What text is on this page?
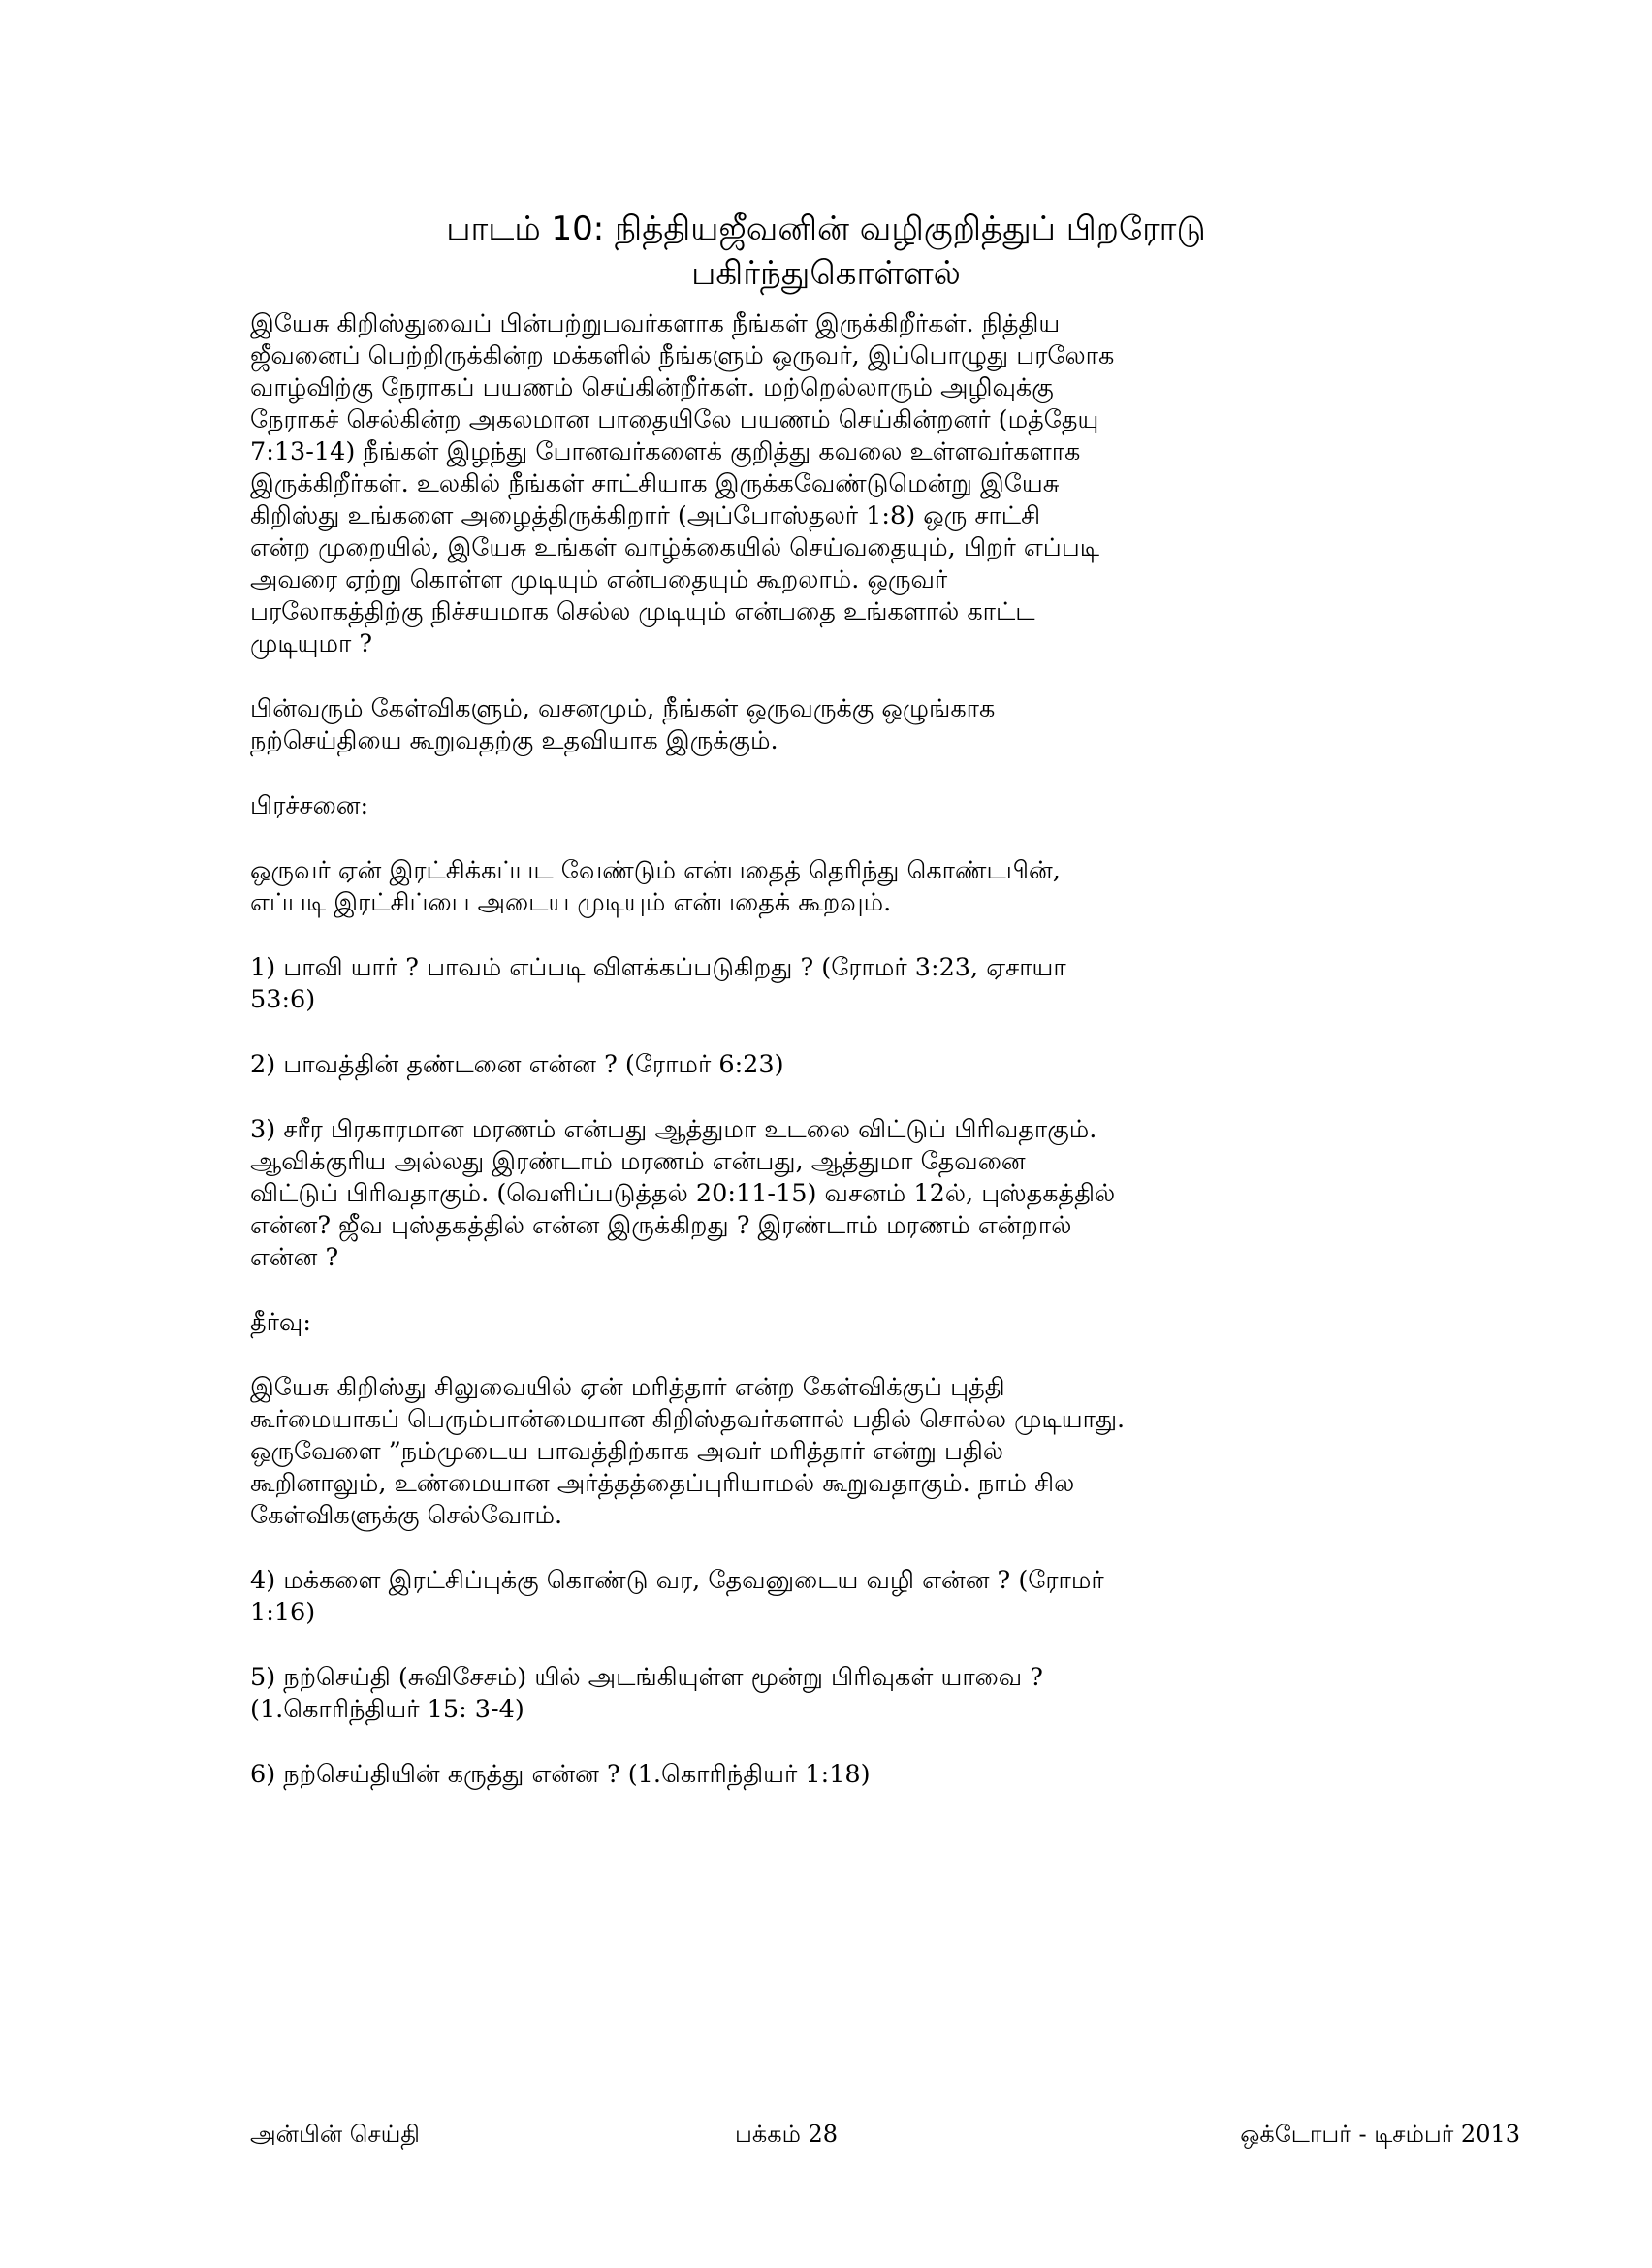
பாடம் 10: நித்தியஜீவனின் வழிகுறித்துப் பிறரோடு
பகிர்ந்துகொள்ளல்

இயேசு கிறிஸ்துவைப் பின்பற்றுபவர்களாக நீங்கள் இருக்கிறீர்கள். நித்திய
ஜீவனைப் பெற்றிருக்கின்ற மக்களில் நீங்களும் ஒருவர், இப்பொழுது பரலோக
வாழ்விற்கு நேராகப் பயணம் செய்கின்றீர்கள். மற்றெல்லாரும் அழிவுக்கு
நேராகச் செல்கின்ற அகலமான பாதையிலே பயணம் செய்கின்றனர் (மத்தேயு
7:13-14) நீங்கள் இழந்து போனவர்களைக் குறித்து கவலை உள்ளவர்களாக
இருக்கிறீர்கள். உலகில் நீங்கள் சாட்சியாக இருக்கவேண்டுமென்று இயேசு
கிறிஸ்து உங்களை அழைத்திருக்கிறார் (அப்போஸ்தலர் 1:8) ஒரு சாட்சி
என்ற முறையில், இயேசு உங்கள் வாழ்க்கையில் செய்வதையும், பிறர் எப்படி
அவரை ஏற்று கொள்ள முடியும் என்பதையும் கூறலாம். ஒருவர்
பரலோகத்திற்கு நிச்சயமாக செல்ல முடியும் என்பதை உங்களால் காட்ட
முடியுமா ?

பின்வரும் கேள்விகளும், வசனமும், நீங்கள் ஒருவருக்கு ஒழுங்காக
நற்செய்தியை கூறுவதற்கு உதவியாக இருக்கும்.

பிரச்சனை:

ஒருவர் ஏன் இரட்சிக்கப்பட வேண்டும் என்பதைத் தெரிந்து கொண்டபின்,
எப்படி இரட்சிப்பை அடைய முடியும் என்பதைக் கூறவும்.

1) பாவி யார் ? பாவம் எப்படி விளக்கப்படுகிறது ? (ரோமர் 3:23, ஏசாயா
53:6)

2) பாவத்தின் தண்டனை என்ன ? (ரோமர் 6:23)

3) சரீர பிரகாரமான மரணம் என்பது ஆத்துமா உடலை விட்டுப் பிரிவதாகும்.
ஆவிக்குரிய அல்லது இரண்டாம் மரணம் என்பது, ஆத்துமா தேவனை
விட்டுப் பிரிவதாகும். (வெளிப்படுத்தல் 20:11-15) வசனம் 12ல், புஸ்தகத்தில்
என்ன? ஜீவ புஸ்தகத்தில் என்ன இருக்கிறது ? இரண்டாம் மரணம் என்றால்
என்ன ?

தீர்வு:

இயேசு கிறிஸ்து சிலுவையில் ஏன் மரித்தார் என்ற கேள்விக்குப் புத்தி
கூர்மையாகப் பெரும்பான்மையான கிறிஸ்தவர்களால் பதில் சொல்ல முடியாது.
ஒருவேளை ”நம்முடைய பாவத்திற்காக அவர் மரித்தார் என்று பதில்
கூறினாலும், உண்மையான அர்த்தத்தைப்புரியாமல் கூறுவதாகும். நாம் சில
கேள்விகளுக்கு செல்வோம்.

4) மக்களை இரட்சிப்புக்கு கொண்டு வர, தேவனுடைய வழி என்ன ? (ரோமர்
1:16)

5) நற்செய்தி (சுவிசேசம்) யில் அடங்கியுள்ள மூன்று பிரிவுகள் யாவை ?
(1.கொரிந்தியர் 15: 3-4)

6) நற்செய்தியின் கருத்து என்ன ? (1.கொரிந்தியர் 1:18)

அன்பின் செய்தி	பக்கம் 28	ஒக்டோபர் - டிசம்பர் 2013
